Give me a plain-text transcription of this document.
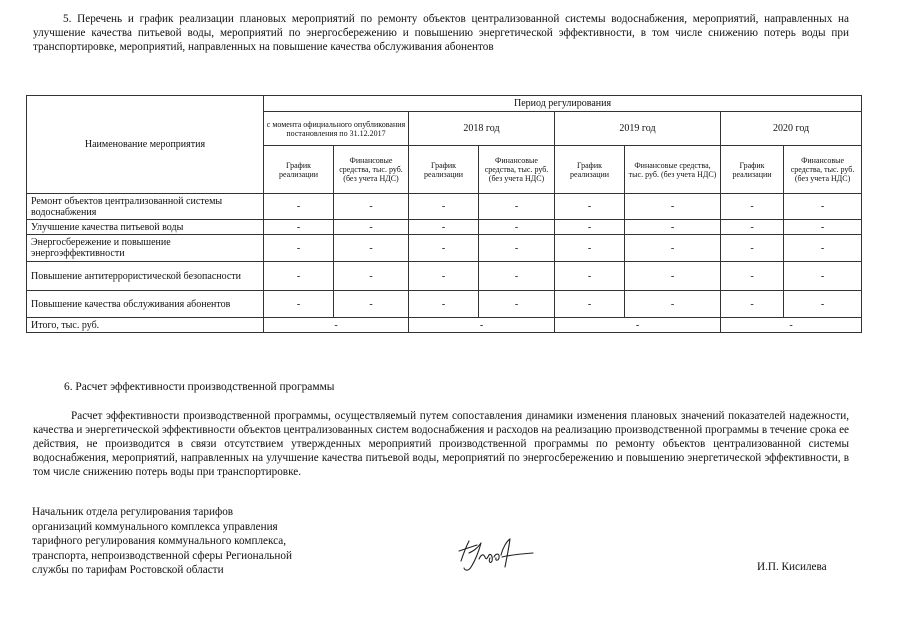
5. Перечень и график реализации плановых мероприятий по ремонту объектов централизованной системы водоснабжения, мероприятий, направленных на улучшение качества питьевой воды, мероприятий по энергосбережению и повышению энергетической эффективности, в том числе снижению потерь воды при транспортировке, мероприятий, направленных на повышение качества обслуживания абонентов

Наименование мероприятия	Период регулирования							
	с момента официального опубликования постановления по 31.12.2017		2018 год		2019 год		2020 год	
	График реализации	Финансовые средства, тыс. руб. (без учета НДС)	График реализации	Финансовые средства, тыс. руб. (без учета НДС)	График реализации	Финансовые средства, тыс. руб. (без учета НДС)	График реализации	Финансовые средства, тыс. руб. (без учета НДС)
Ремонт объектов централизованной системы водоснабжения	-	-	-	-	-	-	-	-
Улучшение качества питьевой воды	-	-	-	-	-	-	-	-
Энергосбережение и повышение энергоэффективности	-	-	-	-	-	-	-	-
Повышение антитеррористической безопасности	-	-	-	-	-	-	-	-
Повышение качества обслуживания абонентов	-	-	-	-	-	-	-	-
Итого, тыс. руб.	-		-		-		-	
6. Расчет эффективности производственной программы

Расчет эффективности производственной программы, осуществляемый путем сопоставления динамики изменения плановых значений показателей надежности, качества и энергетической эффективности объектов централизованных систем водоснабжения и расходов на реализацию производственной программы в течение срока ее действия, не производится в связи отсутствием утвержденных мероприятий производственной программы по ремонту объектов централизованной системы водоснабжения, мероприятий, направленных на улучшение качества питьевой воды, мероприятий по энергосбережению и повышению энергетической эффективности, в том числе снижению потерь воды при транспортировке.

Начальник отдела регулирования тарифов
организаций коммунального комплекса управления
тарифного регулирования коммунального комплекса,
транспорта, непроизводственной сферы Региональной
службы по тарифам Ростовской области	И.П. Кисилева
